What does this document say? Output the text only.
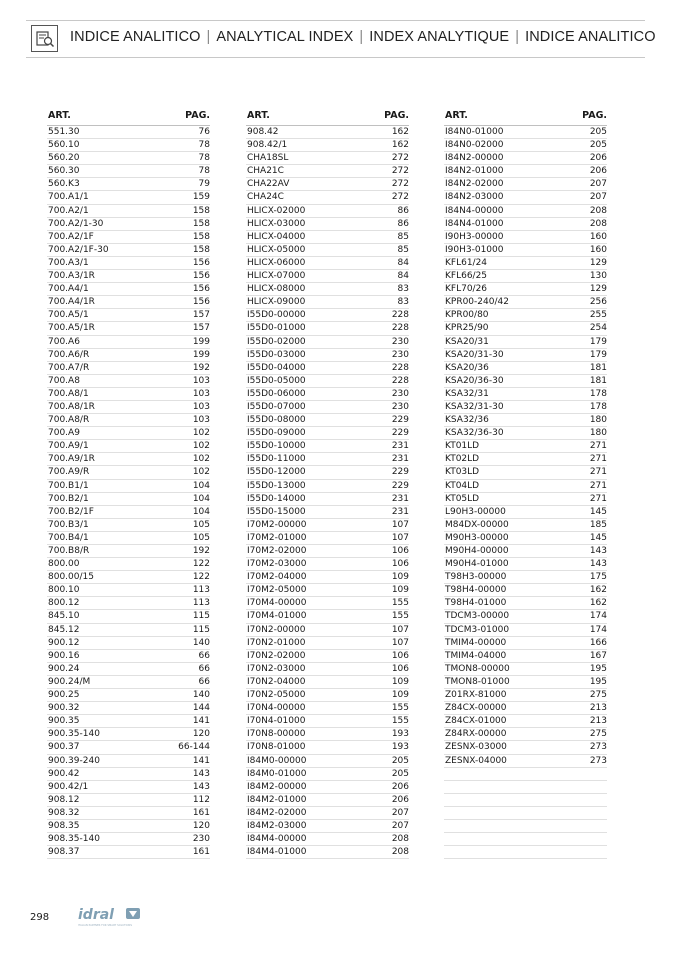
INDICE ANALITICO | ANALYTICAL INDEX | INDEX ANALYTIQUE | INDICE ANALITICO
ART.	PAG.
551.30	76
560.10	78
560.20	78
560.30	78
560.K3	79
700.A1/1	159
700.A2/1	158
700.A2/1-30	158
700.A2/1F	158
700.A2/1F-30	158
700.A3/1	156
700.A3/1R	156
700.A4/1	156
700.A4/1R	156
700.A5/1	157
700.A5/1R	157
700.A6	199
700.A6/R	199
700.A7/R	192
700.A8	103
700.A8/1	103
700.A8/1R	103
700.A8/R	103
700.A9	102
700.A9/1	102
700.A9/1R	102
700.A9/R	102
700.B1/1	104
700.B2/1	104
700.B2/1F	104
700.B3/1	105
700.B4/1	105
700.B8/R	192
800.00	122
800.00/15	122
800.10	113
800.12	113
845.10	115
845.12	115
900.12	140
900.16	66
900.24	66
900.24/M	66
900.25	140
900.32	144
900.35	141
900.35-140	120
900.37	66-144
900.39-240	141
900.42	143
900.42/1	143
908.12	112
908.32	161
908.35	120
908.35-140	230
908.37	161
ART.	PAG.
908.42	162
908.42/1	162
CHA18SL	272
CHA21C	272
CHA22AV	272
CHA24C	272
HLICX-02000	86
HLICX-03000	86
HLICX-04000	85
HLICX-05000	85
HLICX-06000	84
HLICX-07000	84
HLICX-08000	83
HLICX-09000	83
I55D0-00000	228
I55D0-01000	228
I55D0-02000	230
I55D0-03000	230
I55D0-04000	228
I55D0-05000	228
I55D0-06000	230
I55D0-07000	230
I55D0-08000	229
I55D0-09000	229
I55D0-10000	231
I55D0-11000	231
I55D0-12000	229
I55D0-13000	229
I55D0-14000	231
I55D0-15000	231
I70M2-00000	107
I70M2-01000	107
I70M2-02000	106
I70M2-03000	106
I70M2-04000	109
I70M2-05000	109
I70M4-00000	155
I70M4-01000	155
I70N2-00000	107
I70N2-01000	107
I70N2-02000	106
I70N2-03000	106
I70N2-04000	109
I70N2-05000	109
I70N4-00000	155
I70N4-01000	155
I70N8-00000	193
I70N8-01000	193
I84M0-00000	205
I84M0-01000	205
I84M2-00000	206
I84M2-01000	206
I84M2-02000	207
I84M2-03000	207
I84M4-00000	208
I84M4-01000	208
ART.	PAG.
I84N0-01000	205
I84N0-02000	205
I84N2-00000	206
I84N2-01000	206
I84N2-02000	207
I84N2-03000	207
I84N4-00000	208
I84N4-01000	208
I90H3-00000	160
I90H3-01000	160
KFL61/24	129
KFL66/25	130
KFL70/26	129
KPR00-240/42	256
KPR00/80	255
KPR25/90	254
KSA20/31	179
KSA20/31-30	179
KSA20/36	181
KSA20/36-30	181
KSA32/31	178
KSA32/31-30	178
KSA32/36	180
KSA32/36-30	180
KT01LD	271
KT02LD	271
KT03LD	271
KT04LD	271
KT05LD	271
L90H3-00000	145
M84DX-00000	185
M90H3-00000	145
M90H4-00000	143
M90H4-01000	143
T98H3-00000	175
T98H4-00000	162
T98H4-01000	162
TDCM3-00000	174
TDCM3-01000	174
TMIM4-00000	166
TMIM4-04000	167
TMON8-00000	195
TMON8-01000	195
Z01RX-81000	275
Z84CX-00000	213
Z84CX-01000	213
Z84RX-00000	275
ZESNX-03000	273
ZESNX-04000	273
298 idral
ITALIAN PARTNER FOR SMART SOLUTIONS
